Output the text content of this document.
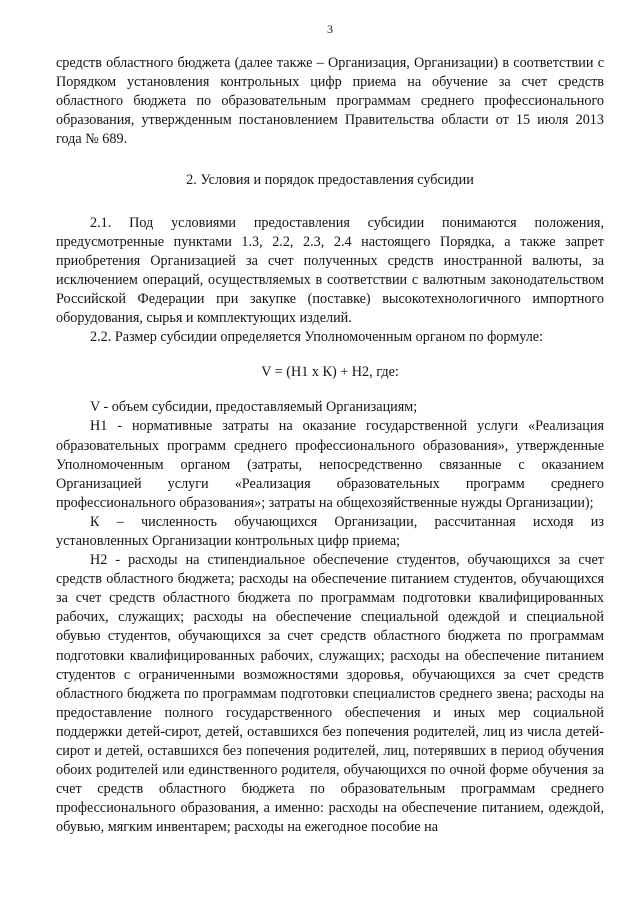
3

средств областного бюджета (далее также – Организация, Организации) в соответствии с Порядком установления контрольных цифр приема на обучение за счет средств областного бюджета по образовательным программам среднего профессионального образования, утвержденным постановлением Правительства области от 15 июля 2013 года № 689.

2. Условия и порядок предоставления субсидии

2.1. Под условиями предоставления субсидии понимаются положения, предусмотренные пунктами 1.3, 2.2, 2.3, 2.4 настоящего Порядка, а также запрет приобретения Организацией за счет полученных средств иностранной валюты, за исключением операций, осуществляемых в соответствии с валютным законодательством Российской Федерации при закупке (поставке) высокотехнологичного импортного оборудования, сырья и комплектующих изделий.

2.2. Размер субсидии определяется Уполномоченным органом по формуле:

V = (Н1 х К) + Н2, где:

V - объем субсидии, предоставляемый Организациям;

Н1 - нормативные затраты на оказание государственной услуги «Реализация образовательных программ среднего профессионального образования», утвержденные Уполномоченным органом (затраты, непосредственно связанные с оказанием Организацией услуги «Реализация образовательных программ среднего профессионального образования»; затраты на общехозяйственные нужды Организации);

К – численность обучающихся Организации, рассчитанная исходя из установленных Организации контрольных цифр приема;

Н2 - расходы на стипендиальное обеспечение студентов, обучающихся за счет средств областного бюджета; расходы на обеспечение питанием студентов, обучающихся за счет средств областного бюджета по программам подготовки квалифицированных рабочих, служащих; расходы на обеспечение специальной одеждой и специальной обувью студентов, обучающихся за счет средств областного бюджета по программам подготовки квалифицированных рабочих, служащих; расходы на обеспечение питанием студентов с ограниченными возможностями здоровья, обучающихся за счет средств областного бюджета по программам подготовки специалистов среднего звена; расходы на предоставление полного государственного обеспечения и иных мер социальной поддержки детей-сирот, детей, оставшихся без попечения родителей, лиц из числа детей-сирот и детей, оставшихся без попечения родителей, лиц, потерявших в период обучения обоих родителей или единственного родителя, обучающихся по очной форме обучения за счет средств областного бюджета по образовательным программам среднего профессионального образования, а именно: расходы на обеспечение питанием, одеждой, обувью, мягким инвентарем; расходы на ежегодное пособие на
